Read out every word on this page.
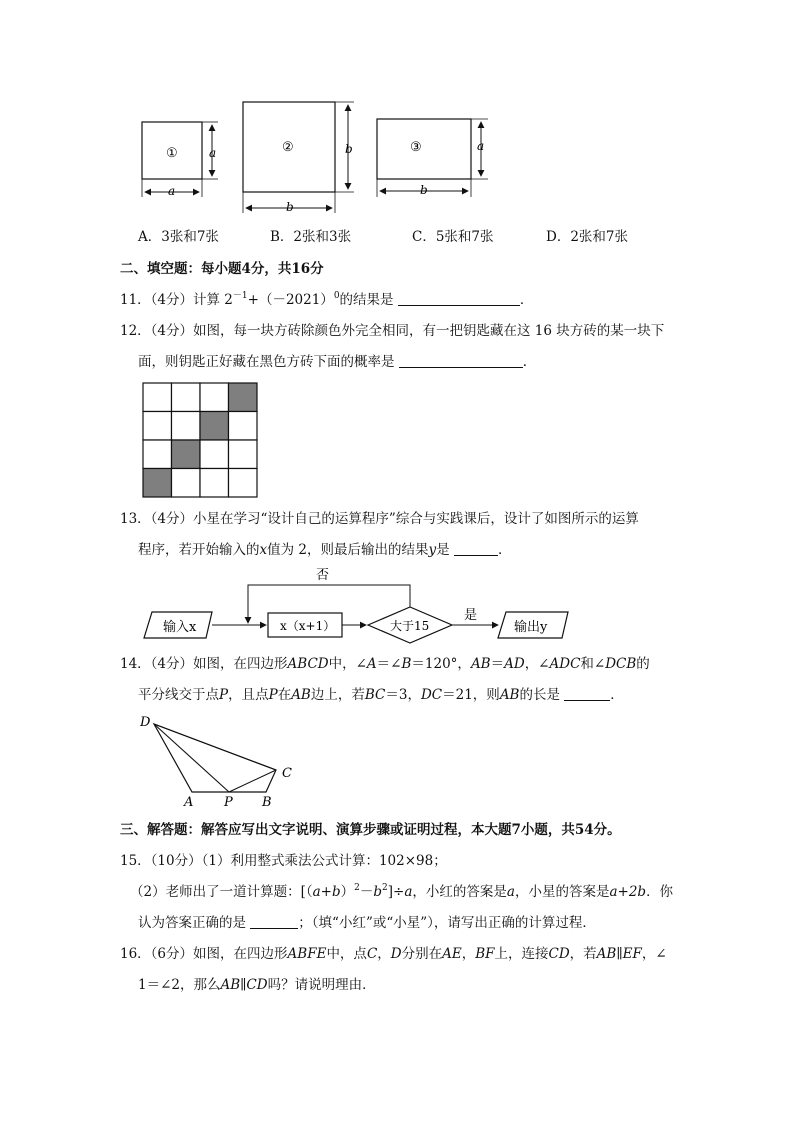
①	a
a
②	b
b
③	a
b
A．3张和7张	B．2张和3张	C．5张和7张	D．2张和7张
二、填空题：每小题4分，共16分
11．（4分）计算 $2^{-1}+(-2021)^0$的结果是	．
12．（4分）如图，每一块方砖除颜色外完全相同，有一把钥匙藏在这 16 块方砖的某一块下
面，则钥匙正好藏在黑色方砖下面的概率是	．
13．（4分）小星在学习“设计自己的运算程序”综合与实践课后，设计了如图所示的运算
程序，若开始输入的x值为 2，则最后输出的结果y是	．
输入x	x（x+1）	大于15
否
是
输出y
14．（4分）如图，在四边形ABCD中，∠A＝∠B＝120°，AB＝AD，∠ADC和∠DCB的
平分线交于点P，且点P在AB边上，若BC＝3，DC＝21，则AB的长是	．
D
A P B
C
三、解答题：解答应写出文字说明、演算步骤或证明过程，本大题7小题，共54分。
15．（10分）（1）利用整式乘法公式计算：102×98；
（2）老师出了一道计算题：$[(a+b)^2-b^2]\div a$，小红的答案是a，小星的答案是a+2b．你
认为答案正确的是	；（填“小红”或“小星”），请写出正确的计算过程．
16．（6分）如图，在四边形ABFE中，点C，D分别在AE，BF上，连接CD，若AB∥EF，∠
1＝∠2，那么AB∥CD吗？请说明理由．
